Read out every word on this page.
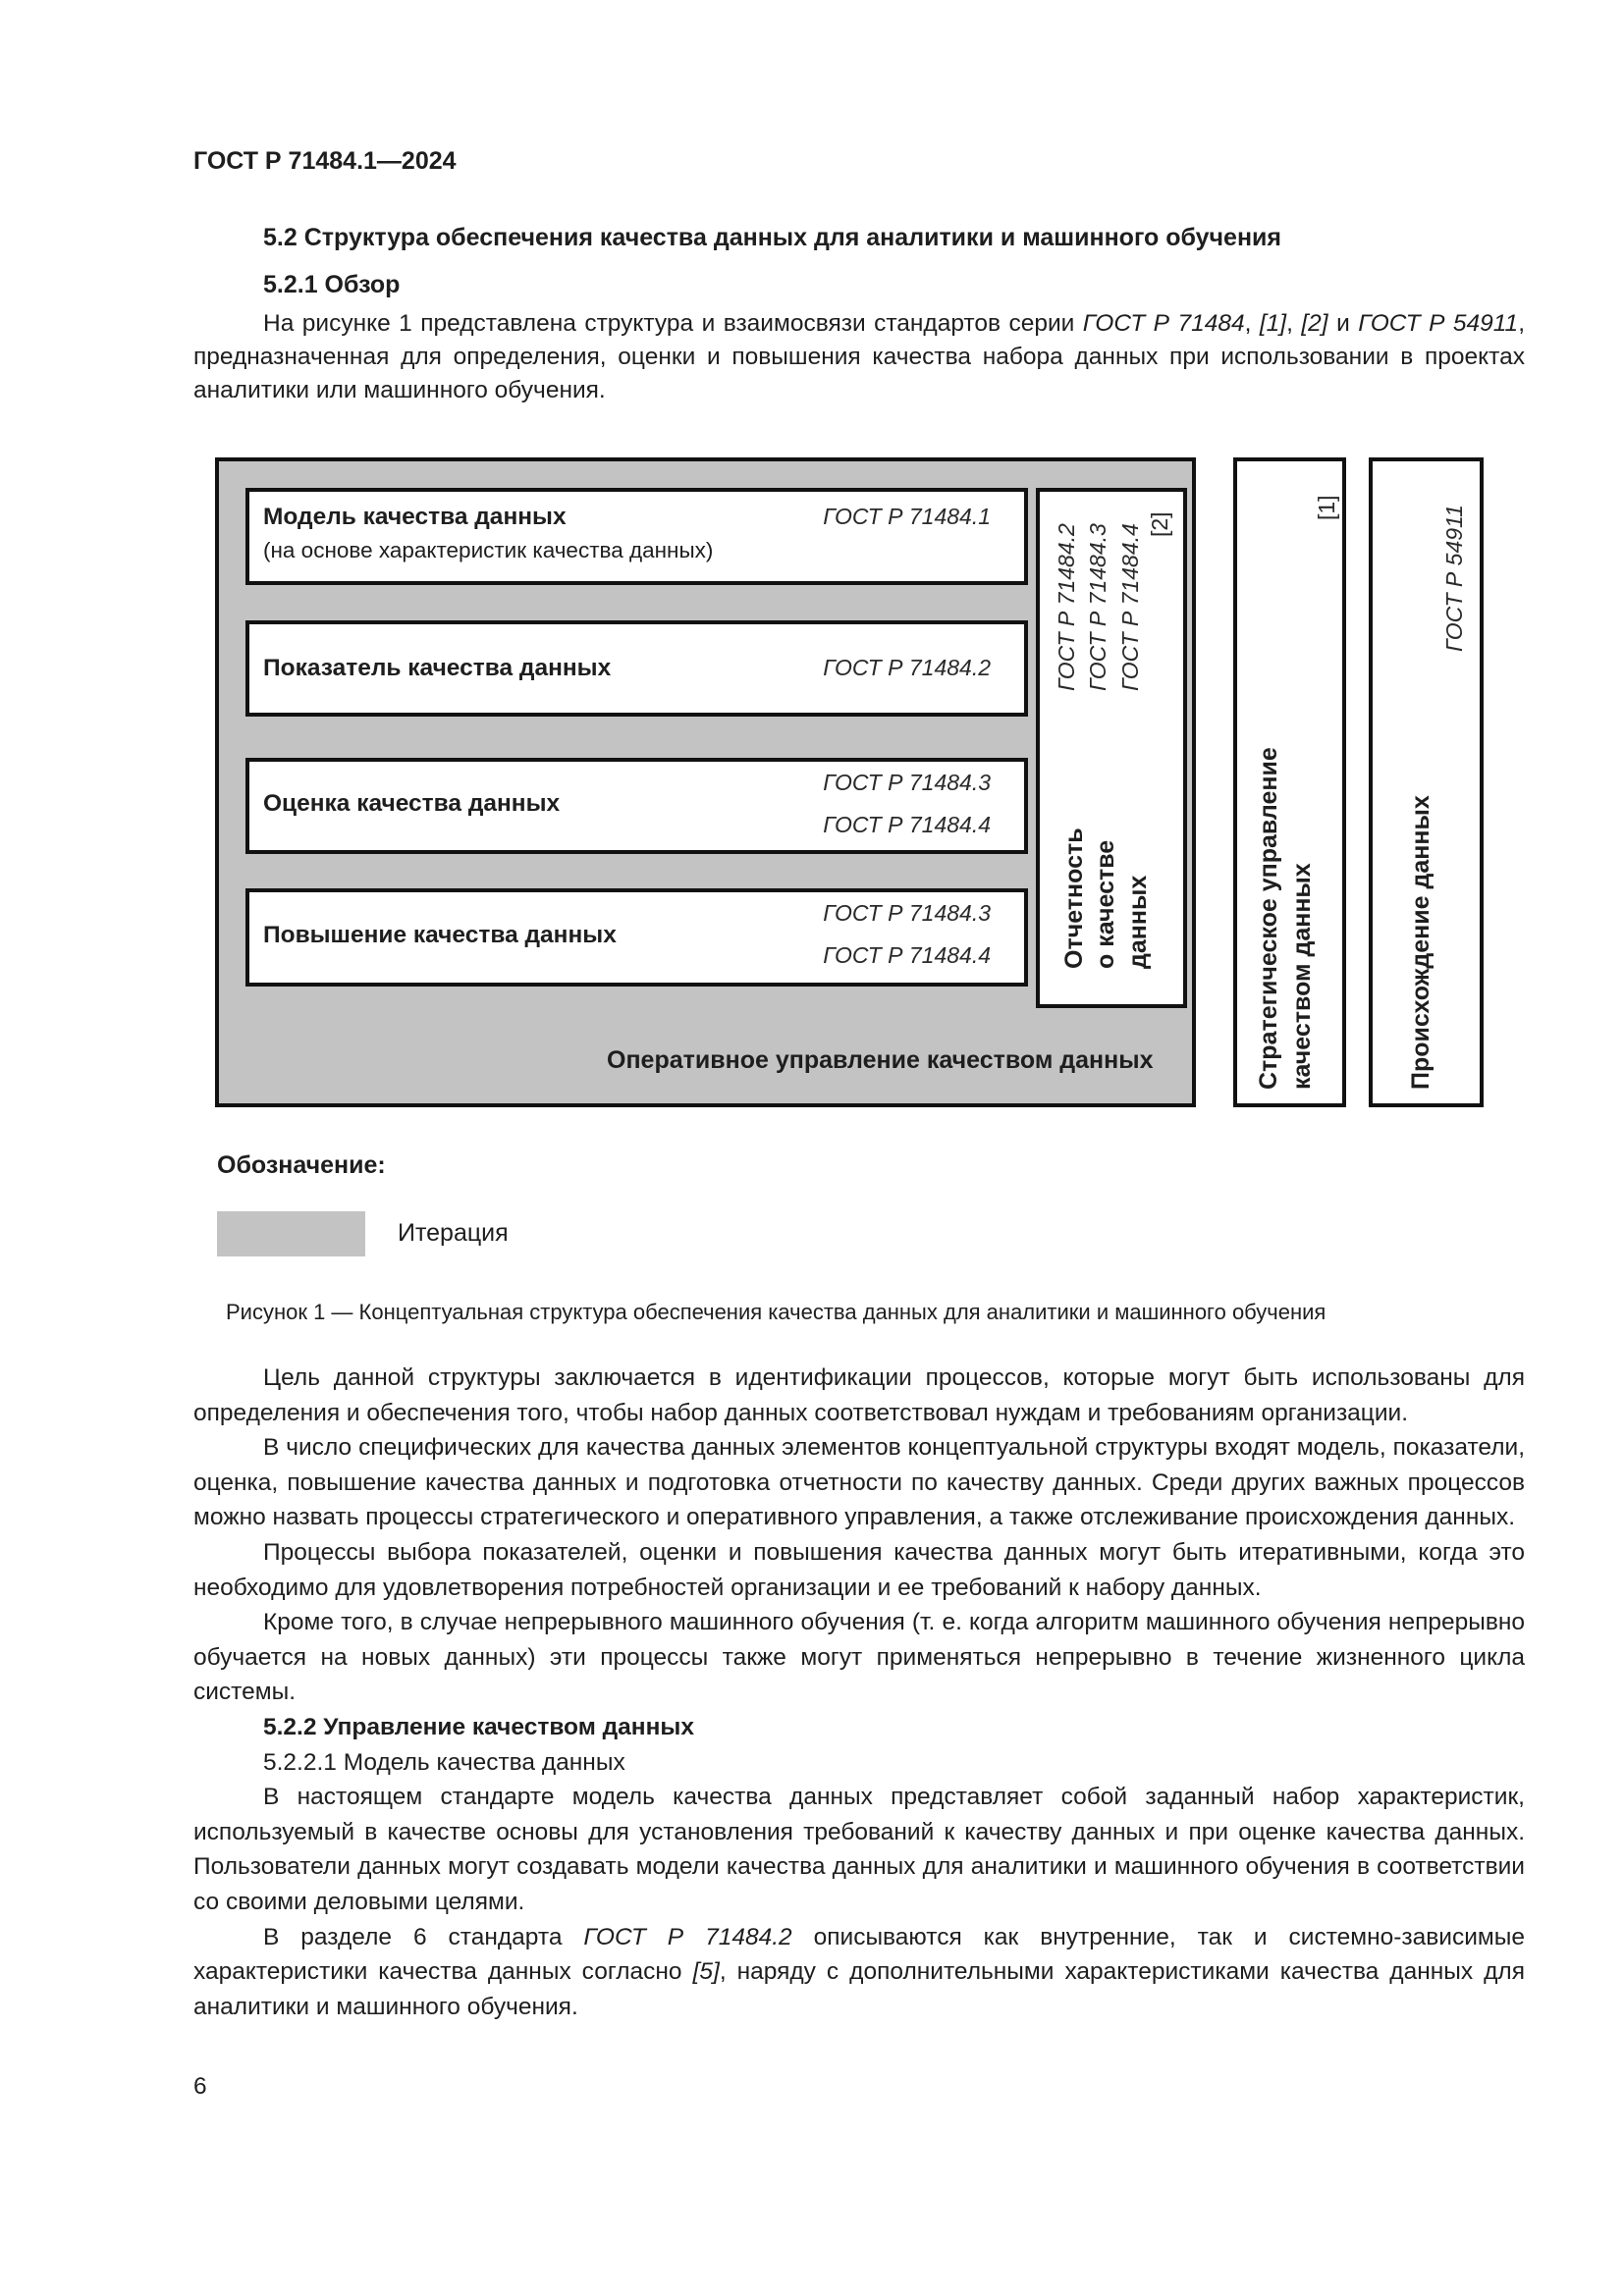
ГОСТ Р 71484.1—2024
5.2 Структура обеспечения качества данных для аналитики и машинного обучения
5.2.1 Обзор

На рисунке 1 представлена структура и взаимосвязи стандартов серии ГОСТ Р 71484, [1], [2] и ГОСТ Р 54911, предназначенная для определения, оценки и повышения качества набора данных при использовании в проектах аналитики или машинного обучения.

Модель качества данных
(на основе характеристик качества данных)
ГОСТ Р 71484.1
Показатель качества данных	ГОСТ Р 71484.2
Оценка качества данных
ГОСТ Р 71484.3
ГОСТ Р 71484.4
Повышение качества данных
ГОСТ Р 71484.3
ГОСТ Р 71484.4	Отчетность о качестве данных
ГОСТ Р 71484.2 ГОСТ Р 71484.3 ГОСТ Р 71484.4 [2]
Оперативное управление качеством данных	Стратегическое управление качеством данных
[1]
Происхождение данных
ГОСТ Р 54911
Обозначение:
Итерация
Рисунок 1 — Концептуальная структура обеспечения качества данных для аналитики и машинного обучения

Цель данной структуры заключается в идентификации процессов, которые могут быть использованы для определения и обеспечения того, чтобы набор данных соответствовал нуждам и требованиям организации.

В число специфических для качества данных элементов концептуальной структуры входят модель, показатели, оценка, повышение качества данных и подготовка отчетности по качеству данных. Среди других важных процессов можно назвать процессы стратегического и оперативного управления, а также отслеживание происхождения данных.

Процессы выбора показателей, оценки и повышения качества данных могут быть итеративными, когда это необходимо для удовлетворения потребностей организации и ее требований к набору данных.

Кроме того, в случае непрерывного машинного обучения (т. е. когда алгоритм машинного обучения непрерывно обучается на новых данных) эти процессы также могут применяться непрерывно в течение жизненного цикла системы.

5.2.2 Управление качеством данных

5.2.2.1 Модель качества данных

В настоящем стандарте модель качества данных представляет собой заданный набор характеристик, используемый в качестве основы для установления требований к качеству данных и при оценке качества данных. Пользователи данных могут создавать модели качества данных для аналитики и машинного обучения в соответствии со своими деловыми целями.

В разделе 6 стандарта ГОСТ Р 71484.2 описываются как внутренние, так и системно-зависимые характеристики качества данных согласно [5], наряду с дополнительными характеристиками качества данных для аналитики и машинного обучения.

6
